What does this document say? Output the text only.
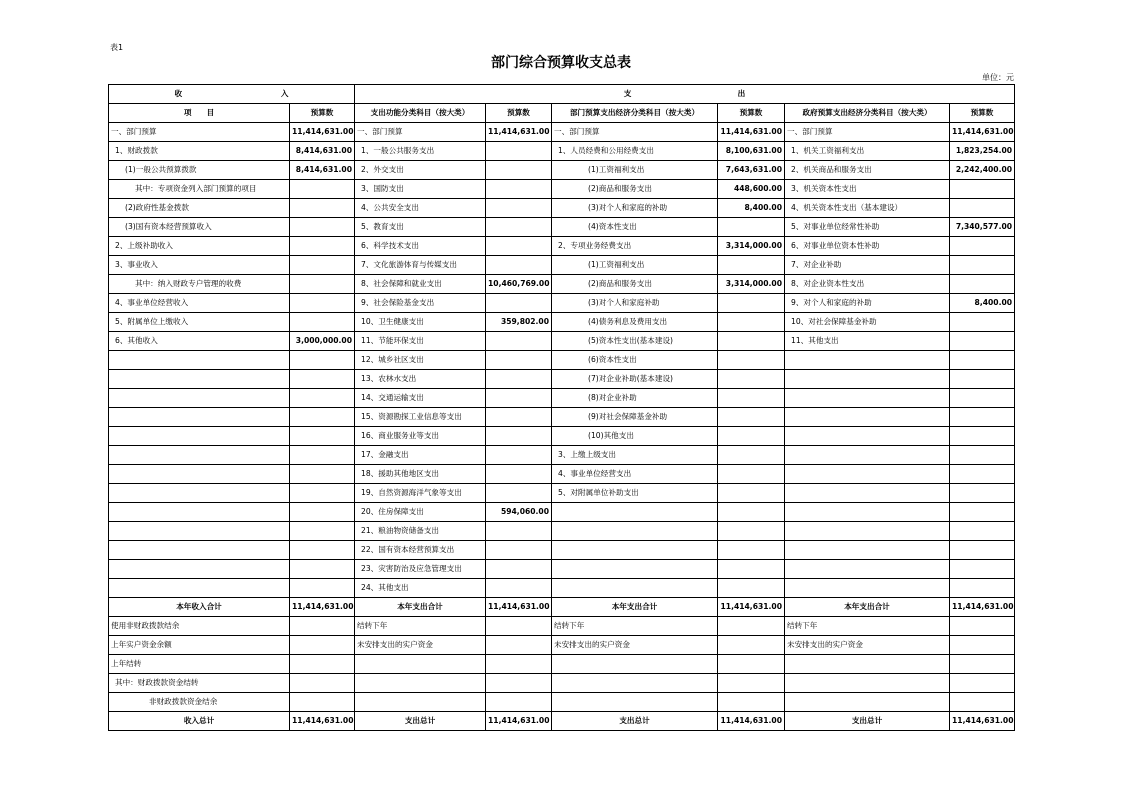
表1
部门综合预算收支总表
单位：元
收　　　　　　　　　　　　　入		支　　　　　　　　　　　　　　出					
项　　目	预算数	支出功能分类科目（按大类）	预算数	部门预算支出经济分类科目（按大类）	预算数	政府预算支出经济分类科目（按大类）	预算数
一、部门预算	11,414,631.00	一、部门预算	11,414,631.00	一、部门预算	11,414,631.00	一、部门预算	11,414,631.00
1、财政拨款	8,414,631.00	1、一般公共服务支出		1、人员经费和公用经费支出	8,100,631.00	1、机关工资福利支出	1,823,254.00
(1)一般公共预算拨款	8,414,631.00	2、外交支出		(1)工资福利支出	7,643,631.00	2、机关商品和服务支出	2,242,400.00
其中：专项资金列入部门预算的项目		3、国防支出		(2)商品和服务支出	448,600.00	3、机关资本性支出	
(2)政府性基金拨款		4、公共安全支出		(3)对个人和家庭的补助	8,400.00	4、机关资本性支出（基本建设）	
(3)国有资本经营预算收入		5、教育支出		(4)资本性支出		5、对事业单位经常性补助	7,340,577.00
2、上级补助收入		6、科学技术支出		2、专项业务经费支出	3,314,000.00	6、对事业单位资本性补助	
3、事业收入		7、文化旅游体育与传媒支出		(1)工资福利支出		7、对企业补助	
其中：纳入财政专户管理的收费		8、社会保障和就业支出	10,460,769.00	(2)商品和服务支出	3,314,000.00	8、对企业资本性支出	
4、事业单位经营收入		9、社会保险基金支出		(3)对个人和家庭补助		9、对个人和家庭的补助	8,400.00
5、附属单位上缴收入		10、卫生健康支出	359,802.00	(4)债务利息及费用支出		10、对社会保障基金补助	
6、其他收入	3,000,000.00	11、节能环保支出		(5)资本性支出(基本建设)		11、其他支出	
		12、城乡社区支出		(6)资本性支出			
		13、农林水支出		(7)对企业补助(基本建设)			
		14、交通运输支出		(8)对企业补助			
		15、资源勘探工业信息等支出		(9)对社会保障基金补助			
		16、商业服务业等支出		(10)其他支出			
		17、金融支出		3、上缴上级支出			
		18、援助其他地区支出		4、事业单位经营支出			
		19、自然资源海洋气象等支出		5、对附属单位补助支出			
		20、住房保障支出	594,060.00				
		21、粮油物资储备支出					
		22、国有资本经营预算支出					
		23、灾害防治及应急管理支出					
		24、其他支出					
本年收入合计	11,414,631.00	本年支出合计	11,414,631.00	本年支出合计	11,414,631.00	本年支出合计	11,414,631.00
使用非财政拨款结余		结转下年		结转下年		结转下年	
上年实户资金余额		未安排支出的实户资金		未安排支出的实户资金		未安排支出的实户资金	
上年结转							
其中：财政拨款资金结转							
非财政拨款资金结余							
收入总计	11,414,631.00	支出总计	11,414,631.00	支出总计	11,414,631.00	支出总计	11,414,631.00
